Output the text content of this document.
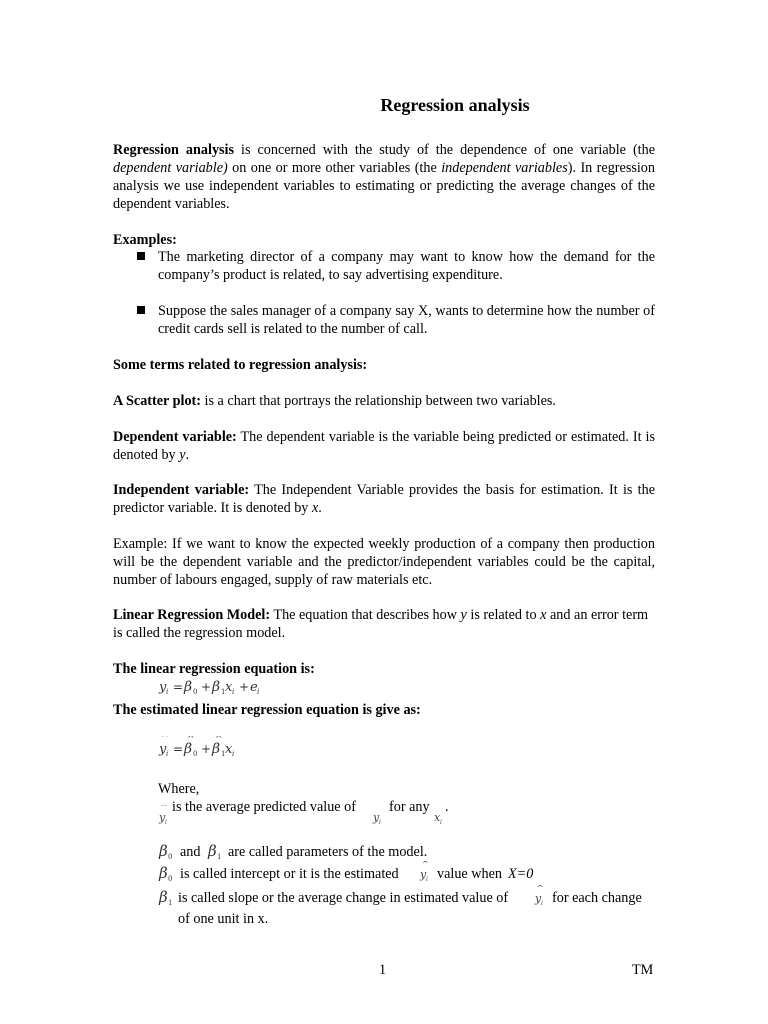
Regression analysis
Regression analysis is concerned with the study of the dependence of one variable (the dependent variable) on one or more other variables (the independent variables). In regression analysis we use independent variables to estimating or predicting the average changes of the dependent variables.
Examples:
The marketing director of a company may want to know how the demand for the company’s product is related, to say advertising expenditure.
Suppose the sales manager of a company say X, wants to determine how the number of credit cards sell is related to the number of call.
Some terms related to regression analysis:
A Scatter plot: is a chart that portrays the relationship between two variables.
Dependent variable: The dependent variable is the variable being predicted or estimated. It is denoted by y.
Independent variable: The Independent Variable provides the basis for estimation. It is the predictor variable. It is denoted by x.
Example: If we want to know the expected weekly production of a company then production will be the dependent variable and the predictor/independent variables could be the capital, number of labours engaged, supply of raw materials etc.
Linear Regression Model: The equation that describes how y is related to x and an error term is called the regression model.
The linear regression equation is:
y i = β 0 + β 1 x i + e i
The estimated linear regression equation is give as:
^
y i =
^
β 0 +
^
β 1 x i
Where,
^
y i
is the average predicted value of
y i
for any
x i
.
β 0 and β 1 are called parameters of the model.
β 0 is called intercept or it is the estimated
^
y i value when X=0
β 1 is called slope or the average change in estimated value of
^
y i for each change
of one unit in x.
1	TM
